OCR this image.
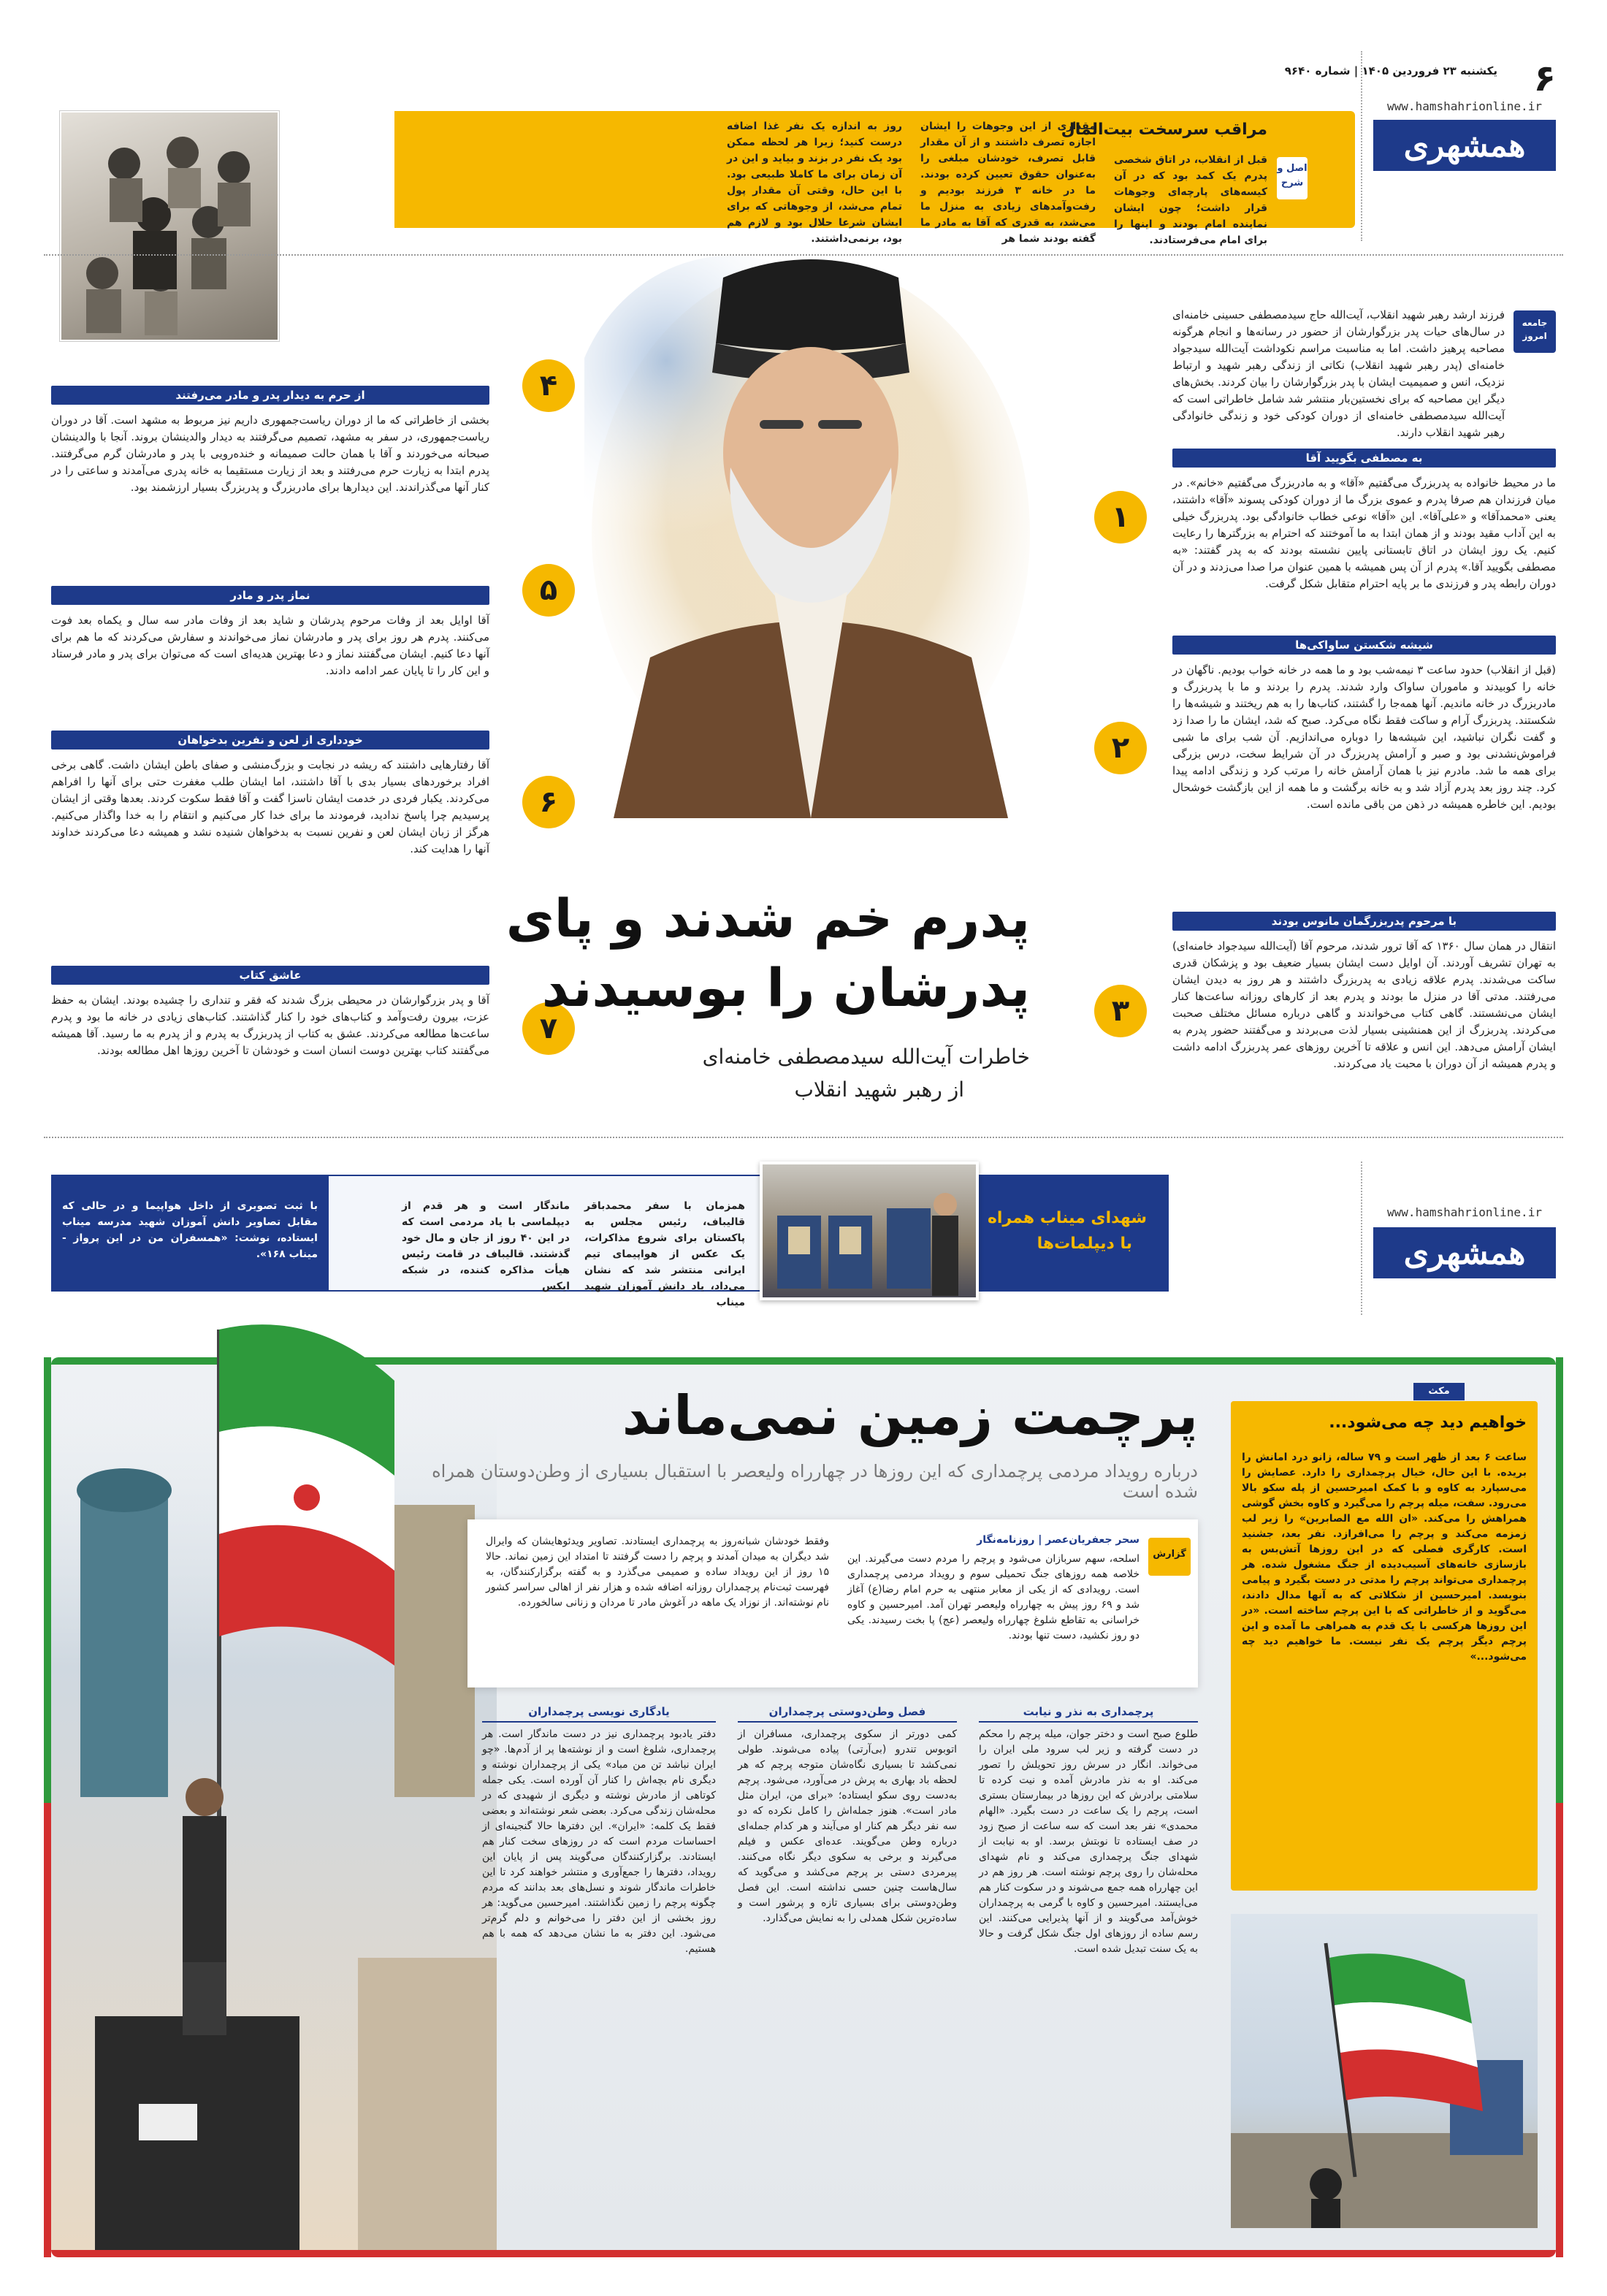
۶
یکشنبه ۲۳ فروردین ۱۴۰۵ | شماره ۹۶۴۰
www.hamshahrionline.ir
همشهری
اصل و شرح
مراقب سرسخت بیت‌المال
قبل از انقلاب، در اتاق شخصی پدرم یک کمد بود که در آن کیسه‌های پارچه‌ای وجوهات قرار داشت؛ چون ایشان نماینده امام بودند و اینها را برای امام می‌فرستادند.
مقداری از این وجوهات را ایشان اجازه تصرف داشتند و از آن مقدار قابل تصرف، خودشان مبلغی را به‌عنوان حقوق تعیین کرده بودند. ما در خانه ۳ فرزند بودیم و رفت‌وآمدهای زیادی به منزل ما می‌شد، به قدری که آقا به مادر ما گفته بودند شما هر
روز به اندازه یک نفر غذا اضافه درست کنید؛ زیرا هر لحظه ممکن بود یک نفر در بزند و بیاید و این در آن زمان برای ما کاملا طبیعی بود. با این حال، وقتی آن مقدار پول تمام می‌شد، از وجوهاتی که برای ایشان شرعا حلال بود و لازم هم بود، برنمی‌داشتند.
جامعه امروز
فرزند ارشد رهبر شهید انقلاب، آیت‌الله حاج سیدمصطفی حسینی خامنه‌ای در سال‌های حیات پدر بزرگوارشان از حضور در رسانه‌ها و انجام هرگونه مصاحبه پرهیز داشت. اما به مناسبت مراسم نکوداشت آیت‌الله سیدجواد خامنه‌ای (پدر رهبر شهید انقلاب) نکاتی از زندگی رهبر شهید و ارتباط نزدیک، انس و صمیمیت ایشان با پدر بزرگوارشان را بیان کردند. بخش‌های دیگر این مصاحبه که برای نخستین‌بار منتشر شد شامل خاطراتی است که آیت‌الله سیدمصطفی خامنه‌ای از دوران کودکی خود و زندگی خانوادگی رهبر شهید انقلاب دارند.
به مصطفی بگویید آقا
ما در محیط خانواده به پدربزرگ می‌گفتیم «آقا» و به مادربزرگ می‌گفتیم «خانم». در میان فرزندان هم صرفا پدرم و عموی بزرگ ما از دوران کودکی پسوند «آقا» داشتند، یعنی «محمدآقا» و «علی‌آقا». این «آقا» نوعی خطاب خانوادگی بود. پدربزرگ خیلی به این آداب مقید بودند و از همان ابتدا به ما آموختند که احترام به بزرگترها را رعایت کنیم. یک روز ایشان در اتاق تابستانی پایین نشسته بودند که به پدر گفتند: «به مصطفی بگویید آقا.» پدرم از آن پس همیشه با همین عنوان مرا صدا می‌زدند و در آن دوران رابطه پدر و فرزندی ما بر پایه احترام متقابل شکل گرفت.
شیشه شکستن ساواکی‌ها
(قبل از انقلاب) حدود ساعت ۳ نیمه‌شب بود و ما همه در خانه خواب بودیم. ناگهان در خانه را کوبیدند و ماموران ساواک وارد شدند. پدرم را بردند و ما با پدربزرگ و مادربزرگ در خانه ماندیم. آنها همه‌جا را گشتند، کتاب‌ها را به هم ریختند و شیشه‌ها را شکستند. پدربزرگ آرام و ساکت فقط نگاه می‌کرد. صبح که شد، ایشان ما را صدا زد و گفت نگران نباشید، این شیشه‌ها را دوباره می‌اندازیم. آن شب برای ما شبی فراموش‌نشدنی بود و صبر و آرامش پدربزرگ در آن شرایط سخت، درس بزرگی برای همه ما شد. مادرم نیز با همان آرامش خانه را مرتب کرد و زندگی ادامه پیدا کرد. چند روز بعد پدرم آزاد شد و به خانه برگشت و ما همه از این بازگشت خوشحال بودیم. این خاطره همیشه در ذهن من باقی مانده است.
با مرحوم پدربزرگمان مانوس بودند
انتقال در همان سال ۱۳۶۰ که آقا ترور شدند، مرحوم آقا (آیت‌الله سیدجواد خامنه‌ای) به تهران تشریف آوردند. آن اوایل دست ایشان بسیار ضعیف بود و پزشکان قدری ساکت می‌شدند. پدرم علاقه زیادی به پدربزرگ داشتند و هر روز به دیدن ایشان می‌رفتند. مدتی آقا در منزل ما بودند و پدرم بعد از کارهای روزانه ساعت‌ها کنار ایشان می‌نشستند. گاهی کتاب می‌خواندند و گاهی درباره مسائل مختلف صحبت می‌کردند. پدربزرگ از این همنشینی بسیار لذت می‌بردند و می‌گفتند حضور پدرم به ایشان آرامش می‌دهد. این انس و علاقه تا آخرین روزهای عمر پدربزرگ ادامه داشت و پدرم همیشه از آن دوران با محبت یاد می‌کردند.
از حرم به دیدار پدر و مادر می‌رفتند
بخشی از خاطراتی که ما از دوران ریاست‌جمهوری داریم نیز مربوط به مشهد است. آقا در دوران ریاست‌جمهوری، در سفر به مشهد، تصمیم می‌گرفتند به دیدار والدینشان بروند. آنجا با والدینشان صبحانه می‌خوردند و آقا با همان حالت صمیمانه و خنده‌رویی با پدر و مادرشان گرم می‌گرفتند. پدرم ابتدا به زیارت حرم می‌رفتند و بعد از زیارت مستقیما به خانه پدری می‌آمدند و ساعتی را در کنار آنها می‌گذراندند. این دیدارها برای مادربزرگ و پدربزرگ بسیار ارزشمند بود.
نماز پدر و مادر
آقا اوایل بعد از وفات مرحوم پدرشان و شاید بعد از وفات مادر سه سال و یکماه بعد فوت می‌کنند. پدرم هر روز برای پدر و مادرشان نماز می‌خواندند و سفارش می‌کردند که ما هم برای آنها دعا کنیم. ایشان می‌گفتند نماز و دعا بهترین هدیه‌ای است که می‌توان برای پدر و مادر فرستاد و این کار را تا پایان عمر ادامه دادند.
خودداری از لعن و نفرین بدخواهان
آقا رفتارهایی داشتند که ریشه در نجابت و بزرگ‌منشی و صفای باطن ایشان داشت. گاهی برخی افراد برخوردهای بسیار بدی با آقا داشتند، اما ایشان طلب مغفرت حتی برای آنها را افراهم می‌کردند. یکبار فردی در خدمت ایشان ناسزا گفت و آقا فقط سکوت کردند. بعدها وقتی از ایشان پرسیدیم چرا پاسخ ندادید، فرمودند ما برای خدا کار می‌کنیم و انتقام را به خدا واگذار می‌کنیم. هرگز از زبان ایشان لعن و نفرین نسبت به بدخواهان شنیده نشد و همیشه دعا می‌کردند خداوند آنها را هدایت کند.
عاشق کتاب
آقا و پدر بزرگوارشان در محیطی بزرگ شدند که فقر و تنداری را چشیده بودند. ایشان به حفظ عزت، بیرون رفت‌وآمد و کتاب‌های خود را کنار گذاشتند. کتاب‌های زیادی در خانه ما بود و پدرم ساعت‌ها مطالعه می‌کردند. عشق به کتاب از پدربزرگ به پدرم و از پدرم به ما رسید. آقا همیشه می‌گفتند کتاب بهترین دوست انسان است و خودشان تا آخرین روزها اهل مطالعه بودند.
۱
۲
۳
۴
۵
۶
۷
پدرم خم شدند و پای
پدرشان را بوسیدند
خاطرات آیت‌الله سیدمصطفی خامنه‌ای
از رهبر شهید انقلاب
www.hamshahrionline.ir
همشهری
شهدای میناب همراه
با دیپلمات‌ها
همزمان با سفر محمدباقر قالیباف، رئیس مجلس به پاکستان برای شروع مذاکرات، یک عکس از هواپیمای تیم ایرانی منتشر شد که نشان می‌داد، یاد دانش آموزان شهید میناب
ماندگار است و هر قدم از دیپلماسی با یاد مردمی است که در این ۴۰ روز از جان و مال خود گذشتند. قالیباف در قامت رئیس هیأت مذاکره کننده، در شبکه ایکس
با ثبت تصویری از داخل هواپیما و در حالی که مقابل تصاویر دانش آموزان شهید مدرسه میناب ایستاده، نوشت: «همسفران من در این پرواز - میناب ۱۶۸».
پرچمت زمین نمی‌ماند
درباره رویداد مردمی پرچمداری که این روزها در چهارراه ولیعصر با استقبال بسیاری از وطن‌دوستان همراه شده است
گزارش
سحر جعفریان‌عصر | روزنامه‌نگار
اسلحه، سهم سربازان می‌شود و پرچم را مردم دست می‌گیرند. این خلاصه همه روزهای جنگ تحمیلی سوم و رویداد مردمی پرچمداری است. رویدادی که از یکی از معابر منتهی به حرم امام رضا(ع) آغاز شد و ۶۹ روز پیش به چهارراه ولیعصر تهران آمد. امیرحسین و کاوه خراسانی به تقاطع شلوغ چهارراه ولیعصر (عج) پا بخت رسیدند. یکی دو روز نکشید، دست تنها بودند.
وفقط خودشان شبانه‌روز به پرچمداری ایستادند. تصاویر ویدئوهایشان که وایرال شد دیگران به میدان آمدند و پرچم را دست گرفتند تا امتداد این زمین نماند. حالا ۱۵ روز از این رویداد ساده و صمیمی می‌گذرد و به گفته برگزارکنندگان، به فهرست ثبت‌نام پرچمداران روزانه اضافه شده و هزار نفر از اهالی سراسر کشور نام نوشته‌اند. از نوزاد یک ماهه در آغوش مادر تا مردان و زنانی سالخورده.
پرچمداری به نذر و نیابت
طلوع صبح است و دختر جوان، میله پرچم را محکم در دست گرفته و زیر لب سرود ملی ایران را می‌خواند. انگار در سرش روز تحویلش را تصور می‌کند. او به نذر مادرش آمده و نیت کرده تا سلامتی برادرش که این روزها در بیمارستان بستری است، پرچم را یک ساعت در دست بگیرد. «الهام محمدی» نفر بعد است که سه ساعت از صبح زود در صف ایستاده تا نوبتش برسد. او به نیابت از شهدای جنگ پرچمداری می‌کند و نام شهدای محله‌شان را روی پرچم نوشته است. هر روز هم در این چهارراه همه جمع می‌شوند و در سکوت کنار هم می‌ایستند. امیرحسین و کاوه با گرمی به پرچمداران خوش‌آمد می‌گویند و از آنها پذیرایی می‌کنند. این رسم ساده از روزهای اول جنگ شکل گرفت و حالا به یک سنت تبدیل شده است.
فصل وطن‌دوستی پرچمداران
کمی دورتر از سکوی پرچمداری، مسافران از اتوبوس تندرو (بی‌آرتی) پیاده می‌شوند. طولی نمی‌کشد تا بسیاری نگاه‌شان متوجه پرچم که هر لحظه باد بهاری به پرش در می‌آورد، می‌شود. پرچم به‌دست روی سکو ایستاده؛ «برای من، ایران مثل مادر است». هنوز جمله‌اش را کامل نکرده که دو سه نفر دیگر هم کنار او می‌آیند و هر کدام جمله‌ای درباره وطن می‌گویند. عده‌ای عکس و فیلم می‌گیرند و برخی به سکوی دیگر نگاه می‌کنند. پیرمردی دستی بر پرچم می‌کشد و می‌گوید که سال‌هاست چنین حسی نداشته است. این فصل وطن‌دوستی برای بسیاری تازه و پرشور است و ساده‌ترین شکل همدلی را به نمایش می‌گذارد.
یادگاری نویسی پرچمداران
دفتر یادبود پرچمداری نیز در دست ماندگار است. هر پرچمداری، شلوغ است و از نوشته‌ها پر از آدم‌ها. «چو ایران نباشد تن من مباد» یکی از پرچمداران نوشته و دیگری نام بچه‌اش را کنار آن آورده است. یکی جمله کوتاهی از مادرش نوشته و دیگری از شهیدی که در محله‌شان زندگی می‌کرد. بعضی شعر نوشته‌اند و بعضی فقط یک کلمه: «ایران». این دفترها حالا گنجینه‌ای از احساسات مردم است که در روزهای سخت کنار هم ایستادند. برگزارکنندگان می‌گویند پس از پایان این رویداد، دفترها را جمع‌آوری و منتشر خواهند کرد تا این خاطرات ماندگار شوند و نسل‌های بعد بدانند که مردم چگونه پرچم را زمین نگذاشتند. امیرحسین می‌گوید: هر روز بخشی از این دفتر را می‌خوانم و دلم گرم‌تر می‌شود. این دفتر به ما نشان می‌دهد که همه با هم هستیم.
مکث
خواهیم دید چه می‌شود...
ساعت ۶ بعد از ظهر است و ۷۹ ساله، زانو درد امانش را بریده. با این حال، خیال پرچمداری را دارد. عصایش را می‌سپارد به کاوه و با کمک امیرحسین از پله سکو بالا می‌رود. سفت، میله پرچم را می‌گیرد و کاوه بخش گوشی همراهش را می‌کند. «ان الله مع الصابرین» را زیر لب زمزمه می‌کند و پرچم را می‌افرازد. نفر بعد، جشنید است. کارگری فصلی که در این روزها آتش‌بس به بازسازی خانه‌های آسیب‌دیده از جنگ مشغول شده. هر پرچمداری می‌تواند پرچم را مدتی در دست بگیرد و پیامی بنویسد. امیرحسین از شکلاتی که به آنها مدال دادند، می‌گوید و از خاطراتی که با این پرچم ساخته است. «در این روزها هرکسی با یک قدم به همراهی ما آمده و این پرچم دیگر پرچم یک نفر نیست. ما خواهیم دید چه می‌شود...»
